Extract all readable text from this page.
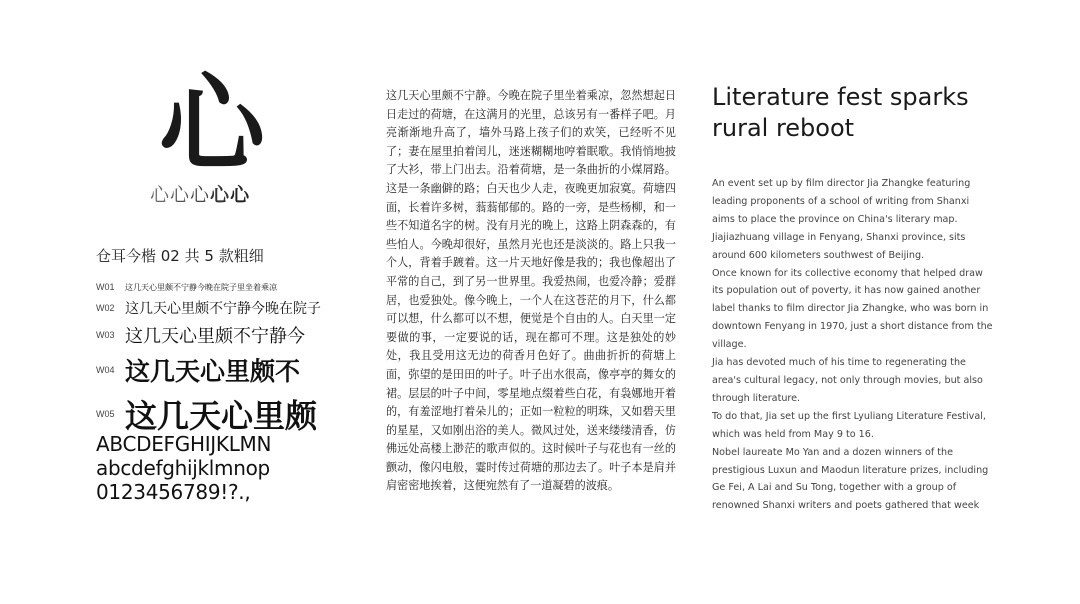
心
心 心 心 心 心
仓耳今楷 02 共 5 款粗细
W01	这几天心里颇不宁静今晚在院子里坐着乘凉
W02 这几天心里颇不宁静今晚在院子
W03 这几天心里颇不宁静今
W04 这几天心里颇不
W05 这几天心里颇
ABCDEFGHIJKLMN
abcdefghijklmnop
0123456789!?.,
这几天心里颇不宁静。今晚在院子里坐着乘凉，忽然想起日日走过的荷塘，在这满月的光里，总该另有一番样子吧。月亮渐渐地升高了，墙外马路上孩子们的欢笑，已经听不见了；妻在屋里拍着闰儿，迷迷糊糊地哼着眠歌。我悄悄地披了大衫，带上门出去。沿着荷塘，是一条曲折的小煤屑路。这是一条幽僻的路；白天也少人走，夜晚更加寂寞。荷塘四面，长着许多树，蓊蓊郁郁的。路的一旁，是些杨柳，和一些不知道名字的树。没有月光的晚上，这路上阴森森的，有些怕人。今晚却很好，虽然月光也还是淡淡的。路上只我一个人，背着手踱着。这一片天地好像是我的；我也像超出了平常的自己，到了另一世界里。我爱热闹，也爱冷静；爱群居，也爱独处。像今晚上，一个人在这苍茫的月下，什么都可以想，什么都可以不想，便觉是个自由的人。白天里一定要做的事，一定要说的话，现在都可不理。这是独处的妙处，我且受用这无边的荷香月色好了。曲曲折折的荷塘上面，弥望的是田田的叶子。叶子出水很高，像亭亭的舞女的裙。层层的叶子中间，零星地点缀着些白花，有袅娜地开着的，有羞涩地打着朵儿的；正如一粒粒的明珠，又如碧天里的星星，又如刚出浴的美人。微风过处，送来缕缕清香，仿佛远处高楼上渺茫的歌声似的。这时候叶子与花也有一丝的颤动，像闪电般，霎时传过荷塘的那边去了。叶子本是肩并肩密密地挨着，这便宛然有了一道凝碧的波痕。
Literature fest sparks rural reboot

An event set up by film director Jia Zhangke featuring leading proponents of a school of writing from Shanxi aims to place the province on China's literary map.

Jiajiazhuang village in Fenyang, Shanxi province, sits around 600 kilometers southwest of Beijing.

Once known for its collective economy that helped draw its population out of poverty, it has now gained another label thanks to film director Jia Zhangke, who was born in downtown Fenyang in 1970, just a short distance from the village.

Jia has devoted much of his time to regenerating the area's cultural legacy, not only through movies, but also through literature.

To do that, Jia set up the first Lyuliang Literature Festival, which was held from May 9 to 16.

Nobel laureate Mo Yan and a dozen winners of the prestigious Luxun and Maodun literature prizes, including Ge Fei, A Lai and Su Tong, together with a group of renowned Shanxi writers and poets gathered that week
